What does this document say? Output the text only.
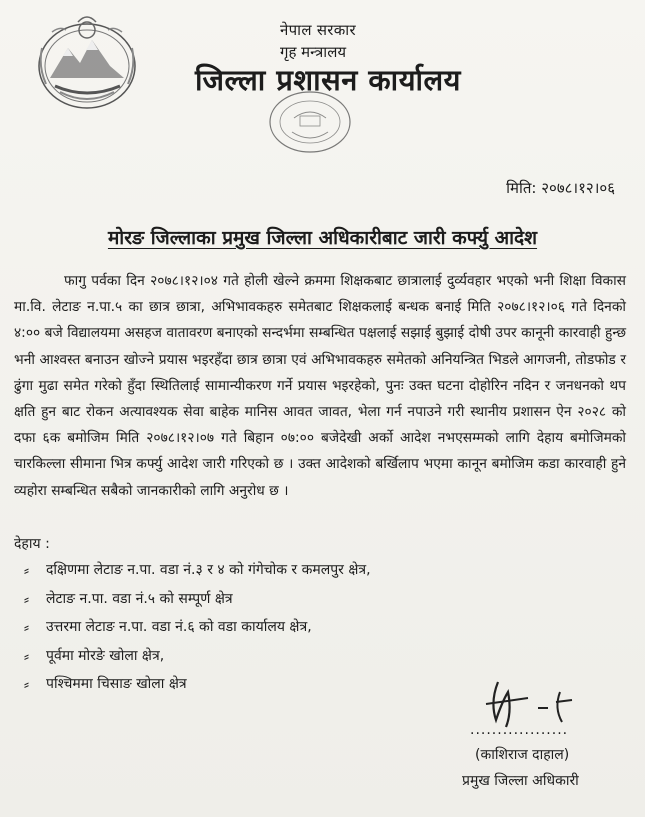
नेपाल सरकार
गृह मन्त्रालय
जिल्ला प्रशासन कार्यालय
मिति: २०७८।१२।०६
मोरङ जिल्लाका प्रमुख जिल्ला अधिकारीबाट जारी कर्फ्यु आदेश
फागु पर्वका दिन २०७८।१२।०४ गते होली खेल्ने क्रममा शिक्षकबाट छात्रालाई दुर्व्यवहार भएको भनी शिक्षा विकास मा.वि. लेटाङ न.पा.५ का छात्र छात्रा, अभिभावकहरु समेतबाट शिक्षकलाई बन्धक बनाई मिति २०७८।१२।०६ गते दिनको ४:०० बजे विद्यालयमा असहज वातावरण बनाएको सन्दर्भमा सम्बन्धित पक्षलाई सझाई बुझाई दोषी उपर कानूनी कारवाही हुन्छ भनी आश्वस्त बनाउन खोज्ने प्रयास भइरहँदा छात्र छात्रा एवं अभिभावकहरु समेतको अनियन्त्रित भिडले आगजनी, तोडफोड र ढुंगा मुढा समेत गरेको हुँदा स्थितिलाई सामान्यीकरण गर्ने प्रयास भइरहेको, पुनः उक्त घटना दोहोरिन नदिन र जनधनको थप क्षति हुन बाट रोकन अत्यावश्यक सेवा बाहेक मानिस आवत जावत, भेला गर्न नपाउने गरी स्थानीय प्रशासन ऐन २०२८ को दफा ६क बमोजिम मिति २०७८।१२।०७ गते बिहान ०७:०० बजेदेखी अर्को आदेश नभएसम्मको लागि देहाय बमोजिमको चारकिल्ला सीमाना भित्र कर्फ्यु आदेश जारी गरिएको छ । उक्त आदेशको बर्खिलाप भएमा कानून बमोजिम कडा कारवाही हुने व्यहोरा सम्बन्धित सबैको जानकारीको लागि अनुरोध छ ।
देहाय :
⸗	दक्षिणमा लेटाङ न.पा. वडा नं.३ र ४ को गंगेचोक र कमलपुर क्षेत्र,
⸗	लेटाङ न.पा. वडा नं.५ को सम्पूर्ण क्षेत्र
⸗	उत्तरमा लेटाङ न.पा. वडा नं.६ को वडा कार्यालय क्षेत्र,
⸗	पूर्वमा मोरङे खोला क्षेत्र,
⸗	पश्चिममा चिसाङ खोला क्षेत्र
..................
(काशिराज दाहाल)
प्रमुख जिल्ला अधिकारी
